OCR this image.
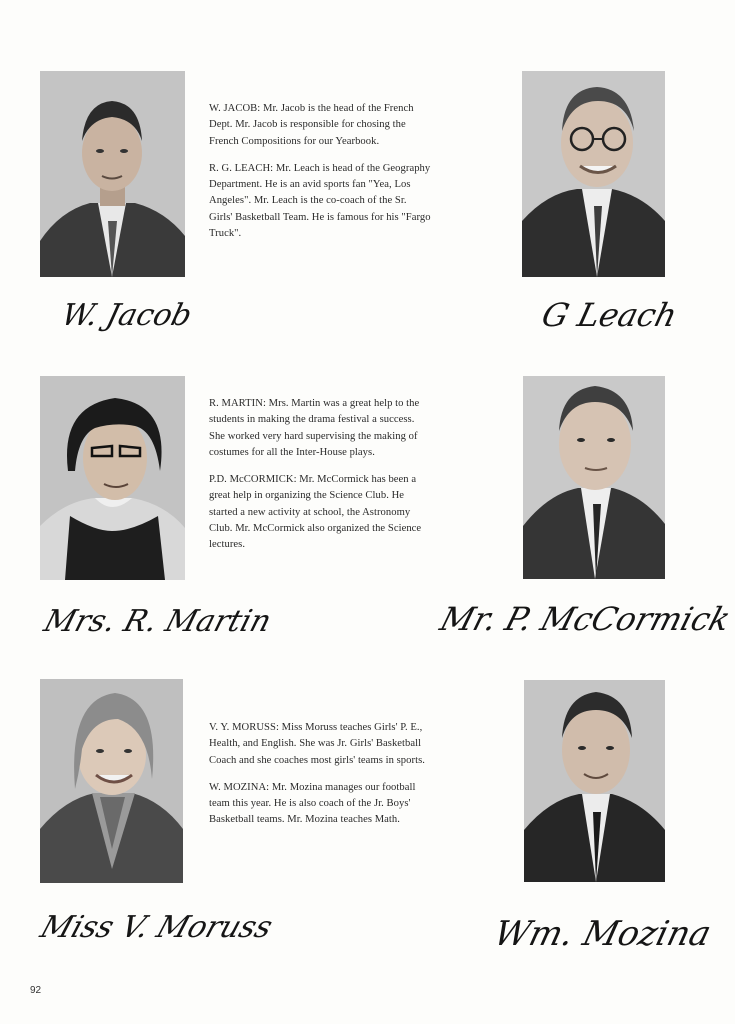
W. JACOB: Mr. Jacob is the head of the French
Dept. Mr. Jacob is responsible for chosing the
French Compositions for our Yearbook.

R. G. LEACH: Mr. Leach is head of the Geography
Department. He is an avid sports fan "Yea, Los
Angeles". Mr. Leach is the co-coach of the Sr.
Girls' Basketball Team. He is famous for his "Fargo
Truck".

W. Jacob	G Leach

R. MARTIN: Mrs. Martin was a great help to the
students in making the drama festival a success.
She worked very hard supervising the making of
costumes for all the Inter-House plays.

P.D. McCORMICK: Mr. McCormick has been a
great help in organizing the Science Club. He
started a new activity at school, the Astronomy
Club. Mr. McCormick also organized the Science
lectures.

Mrs. R. Martin	Mr. P. McCormick

V. Y. MORUSS: Miss Moruss teaches Girls' P. E.,
Health, and English. She was Jr. Girls' Basketball
Coach and she coaches most girls' teams in sports.

W. MOZINA: Mr. Mozina manages our football
team this year. He is also coach of the Jr. Boys'
Basketball teams. Mr. Mozina teaches Math.

Miss V. Moruss	Wm. Mozina
92
